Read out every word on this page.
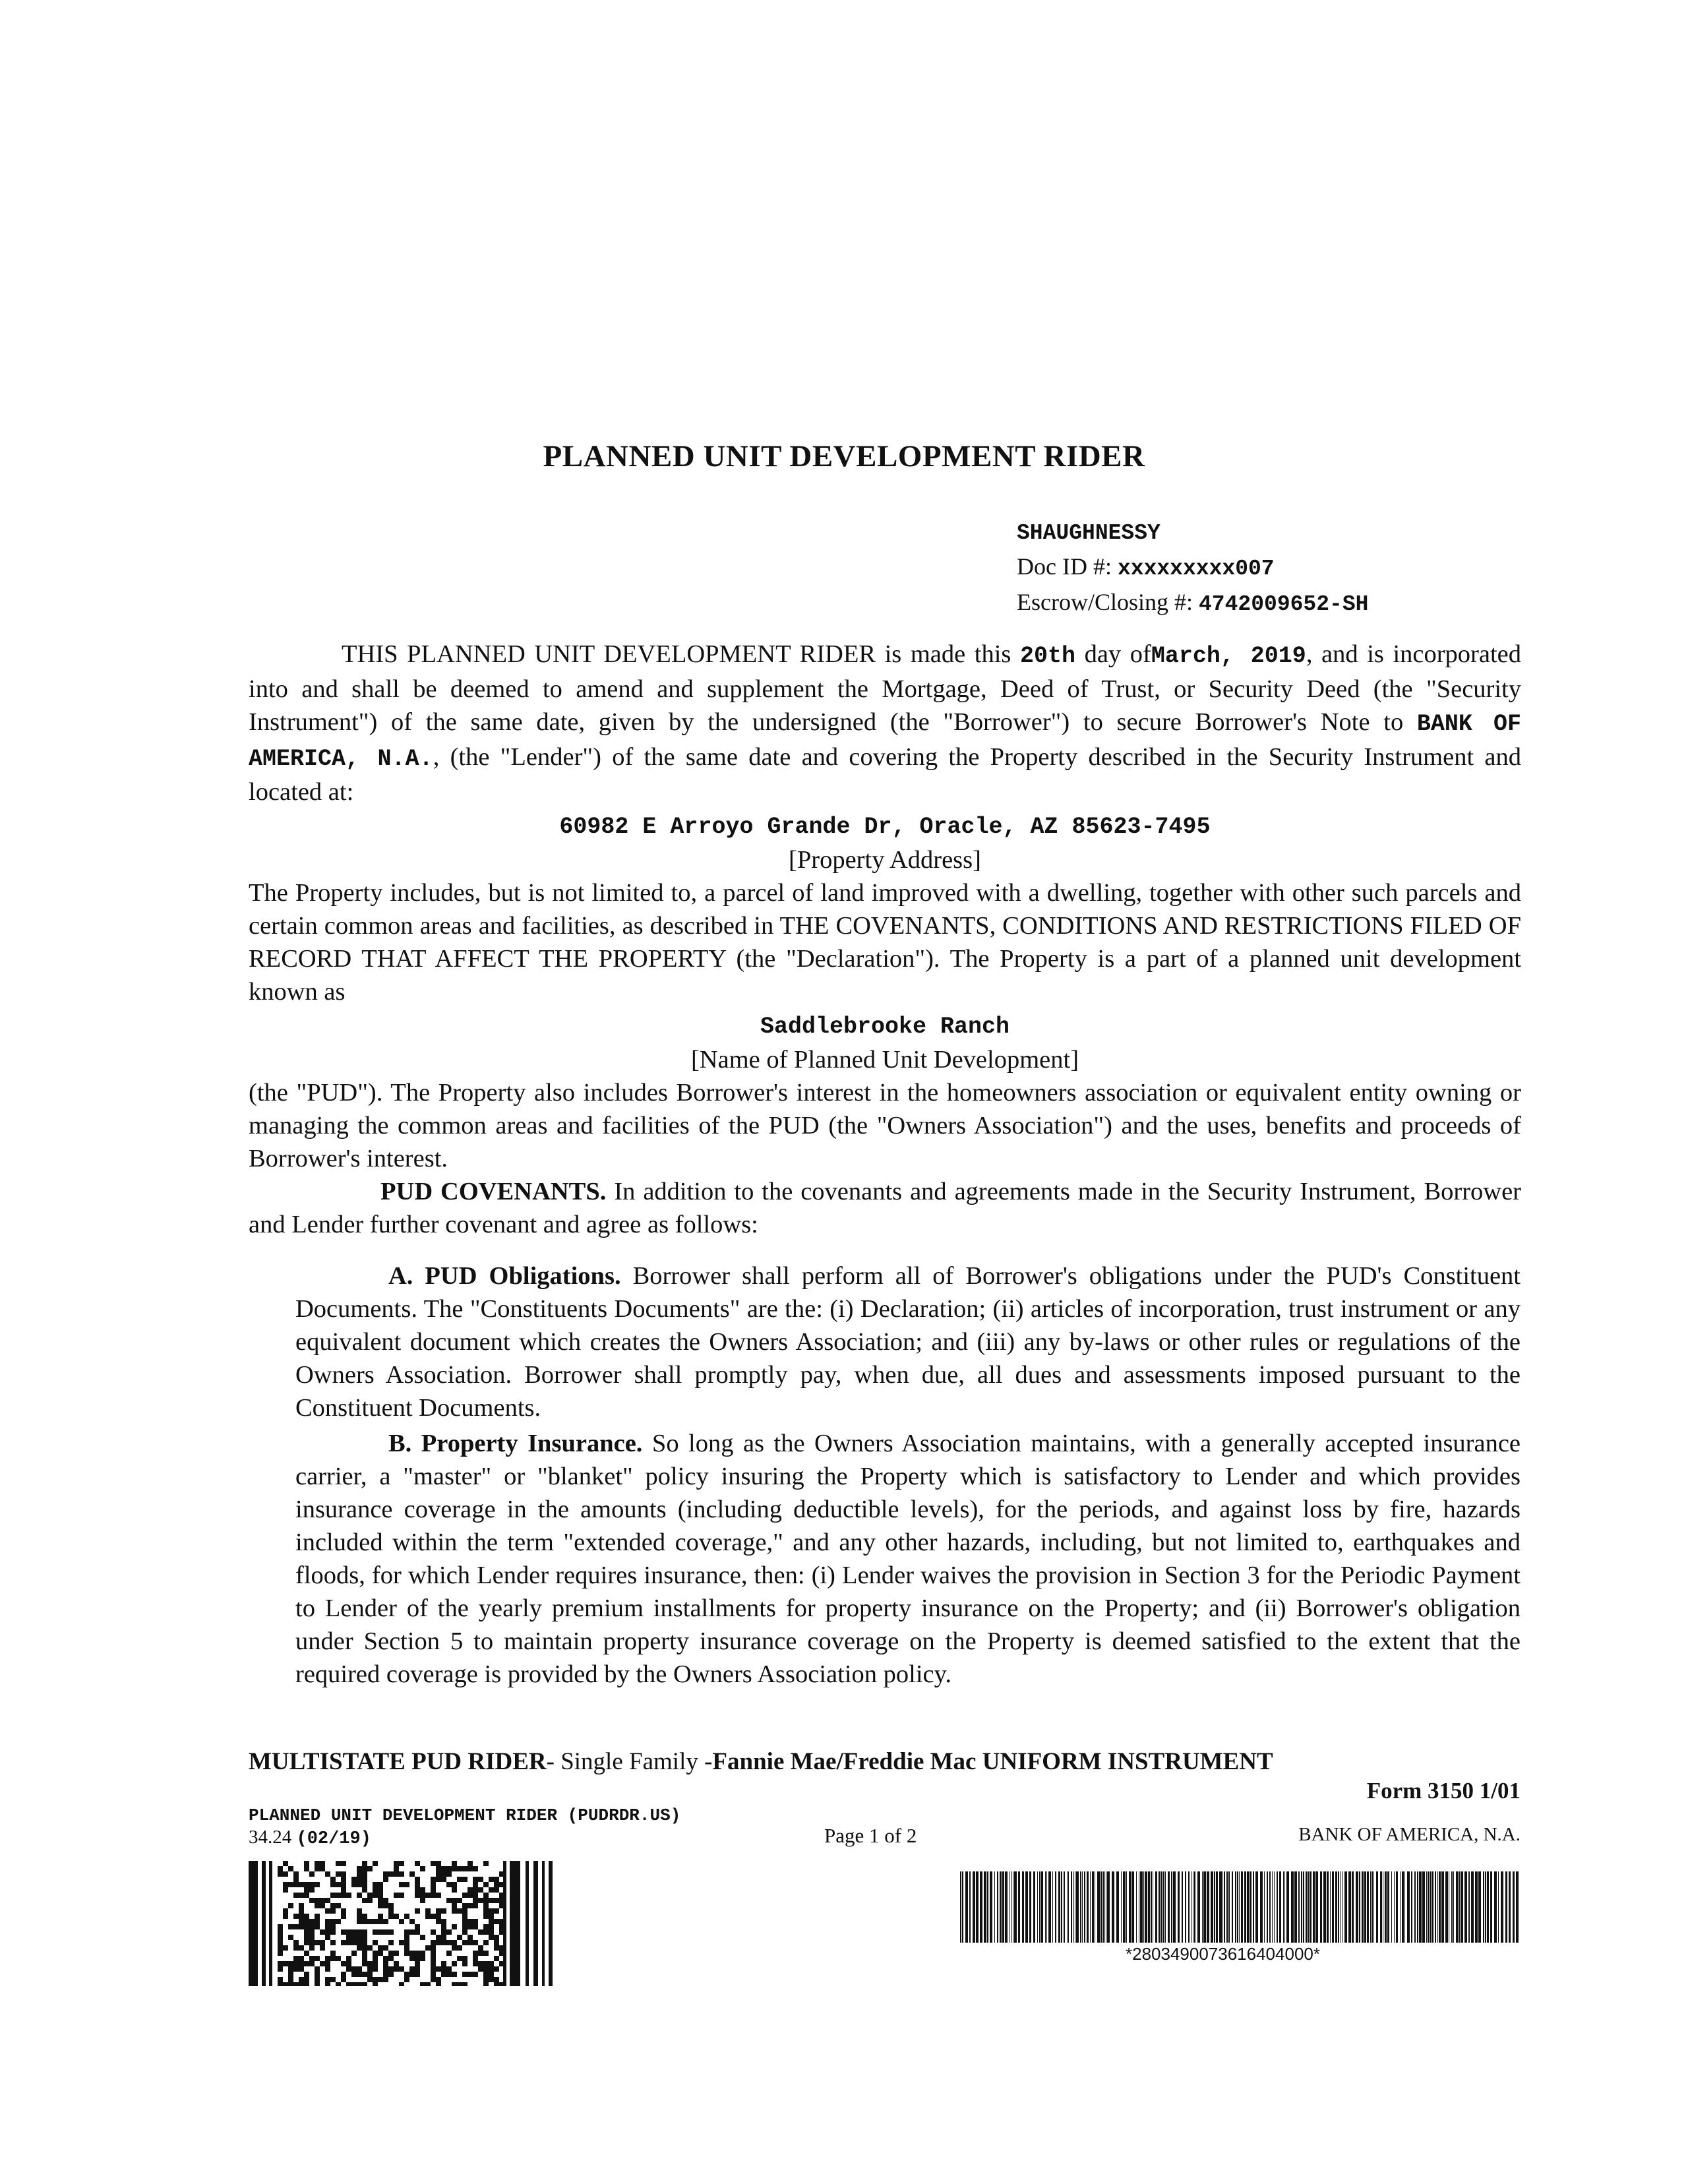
PLANNED UNIT DEVELOPMENT RIDER
SHAUGHNESSY
Doc ID #: xxxxxxxxx007
Escrow/Closing #: 4742009652-SH

THIS PLANNED UNIT DEVELOPMENT RIDER is made this 20th day ofMarch, 2019, and is incorporated into and shall be deemed to amend and supplement the Mortgage, Deed of Trust, or Security Deed (the "Security Instrument") of the same date, given by the undersigned (the "Borrower") to secure Borrower's Note to BANK OF AMERICA, N.A., (the "Lender") of the same date and covering the Property described in the Security Instrument and located at:

60982 E Arroyo Grande Dr, Oracle, AZ 85623-7495

[Property Address]

The Property includes, but is not limited to, a parcel of land improved with a dwelling, together with other such parcels and certain common areas and facilities, as described in THE COVENANTS, CONDITIONS AND RESTRICTIONS FILED OF RECORD THAT AFFECT THE PROPERTY (the "Declaration"). The Property is a part of a planned unit development known as

Saddlebrooke Ranch

[Name of Planned Unit Development]

(the "PUD"). The Property also includes Borrower's interest in the homeowners association or equivalent entity owning or managing the common areas and facilities of the PUD (the "Owners Association") and the uses, benefits and proceeds of Borrower's interest.

PUD COVENANTS. In addition to the covenants and agreements made in the Security Instrument, Borrower and Lender further covenant and agree as follows:

A. PUD Obligations. Borrower shall perform all of Borrower's obligations under the PUD's Constituent Documents. The "Constituents Documents" are the: (i) Declaration; (ii) articles of incorporation, trust instrument or any equivalent document which creates the Owners Association; and (iii) any by-laws or other rules or regulations of the Owners Association. Borrower shall promptly pay, when due, all dues and assessments imposed pursuant to the Constituent Documents.

B. Property Insurance. So long as the Owners Association maintains, with a generally accepted insurance carrier, a "master" or "blanket" policy insuring the Property which is satisfactory to Lender and which provides insurance coverage in the amounts (including deductible levels), for the periods, and against loss by fire, hazards included within the term "extended coverage," and any other hazards, including, but not limited to, earthquakes and floods, for which Lender requires insurance, then: (i) Lender waives the provision in Section 3 for the Periodic Payment to Lender of the yearly premium installments for property insurance on the Property; and (ii) Borrower's obligation under Section 5 to maintain property insurance coverage on the Property is deemed satisfied to the extent that the required coverage is provided by the Owners Association policy.

MULTISTATE PUD RIDER- Single Family -Fannie Mae/Freddie Mac UNIFORM INSTRUMENT
Form 3150 1/01
PLANNED UNIT DEVELOPMENT RIDER (PUDRDR.US)
34.24 (02/19)	Page 1 of 2	BANK OF AMERICA, N.A.
*2803490073616404000*
